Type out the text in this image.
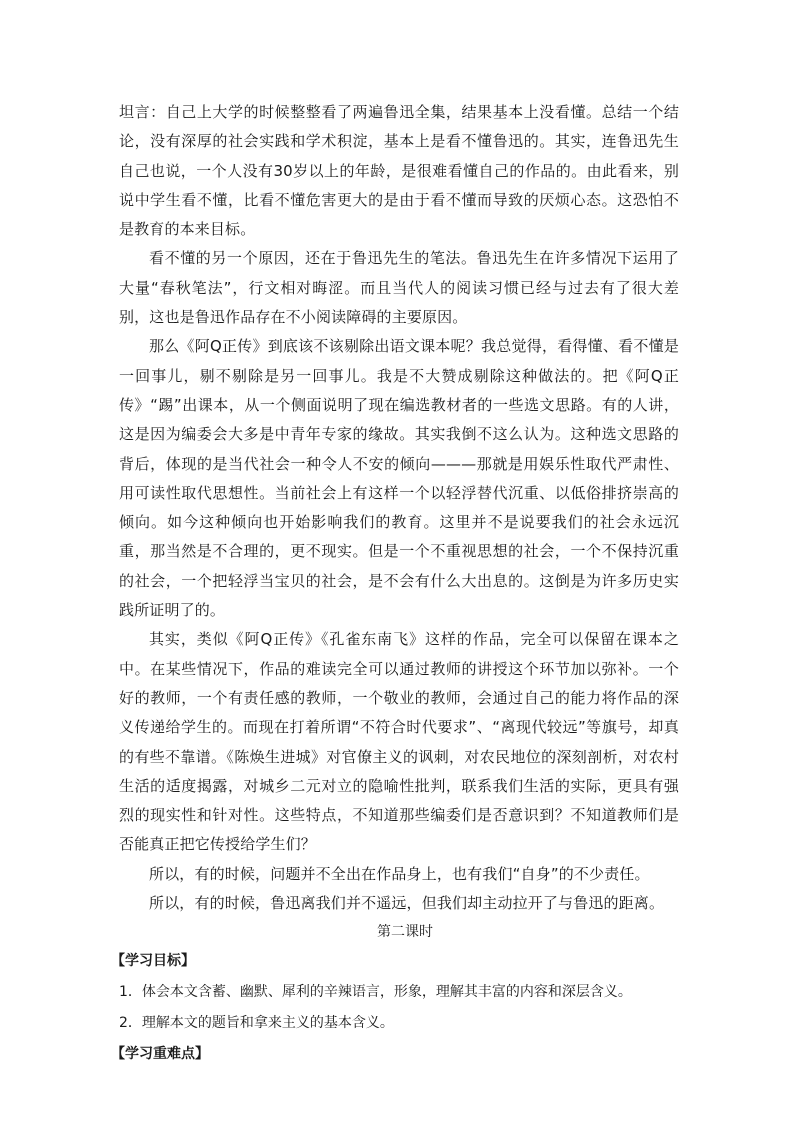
坦言：自己上大学的时候整整看了两遍鲁迅全集，结果基本上没看懂。总结一个结论，没有深厚的社会实践和学术积淀，基本上是看不懂鲁迅的。其实，连鲁迅先生自己也说，一个人没有30岁以上的年龄，是很难看懂自己的作品的。由此看来，别说中学生看不懂，比看不懂危害更大的是由于看不懂而导致的厌烦心态。这恐怕不是教育的本来目标。

看不懂的另一个原因，还在于鲁迅先生的笔法。鲁迅先生在许多情况下运用了大量“春秋笔法”，行文相对晦涩。而且当代人的阅读习惯已经与过去有了很大差别，这也是鲁迅作品存在不小阅读障碍的主要原因。

那么《阿Q正传》到底该不该剔除出语文课本呢？我总觉得，看得懂、看不懂是一回事儿，剔不剔除是另一回事儿。我是不大赞成剔除这种做法的。把《阿Q正传》“踢”出课本，从一个侧面说明了现在编选教材者的一些选文思路。有的人讲，这是因为编委会大多是中青年专家的缘故。其实我倒不这么认为。这种选文思路的背后，体现的是当代社会一种令人不安的倾向———那就是用娱乐性取代严肃性、用可读性取代思想性。当前社会上有这样一个以轻浮替代沉重、以低俗排挤崇高的倾向。如今这种倾向也开始影响我们的教育。这里并不是说要我们的社会永远沉重，那当然是不合理的，更不现实。但是一个不重视思想的社会，一个不保持沉重的社会，一个把轻浮当宝贝的社会，是不会有什么大出息的。这倒是为许多历史实践所证明了的。

其实，类似《阿Q正传》《孔雀东南飞》这样的作品，完全可以保留在课本之中。在某些情况下，作品的难读完全可以通过教师的讲授这个环节加以弥补。一个好的教师，一个有责任感的教师，一个敬业的教师，会通过自己的能力将作品的深义传递给学生的。而现在打着所谓“不符合时代要求”、“离现代较远”等旗号，却真的有些不靠谱。《陈焕生进城》对官僚主义的讽刺，对农民地位的深刻剖析，对农村生活的适度揭露，对城乡二元对立的隐喻性批判，联系我们生活的实际，更具有强烈的现实性和针对性。这些特点，不知道那些编委们是否意识到？不知道教师们是否能真正把它传授给学生们？

所以，有的时候，问题并不全出在作品身上，也有我们“自身”的不少责任。

所以，有的时候，鲁迅离我们并不遥远，但我们却主动拉开了与鲁迅的距离。

第二课时

【学习目标】

1．体会本文含蓄、幽默、犀利的辛辣语言，形象，理解其丰富的内容和深层含义。

2．理解本文的题旨和拿来主义的基本含义。

【学习重难点】
